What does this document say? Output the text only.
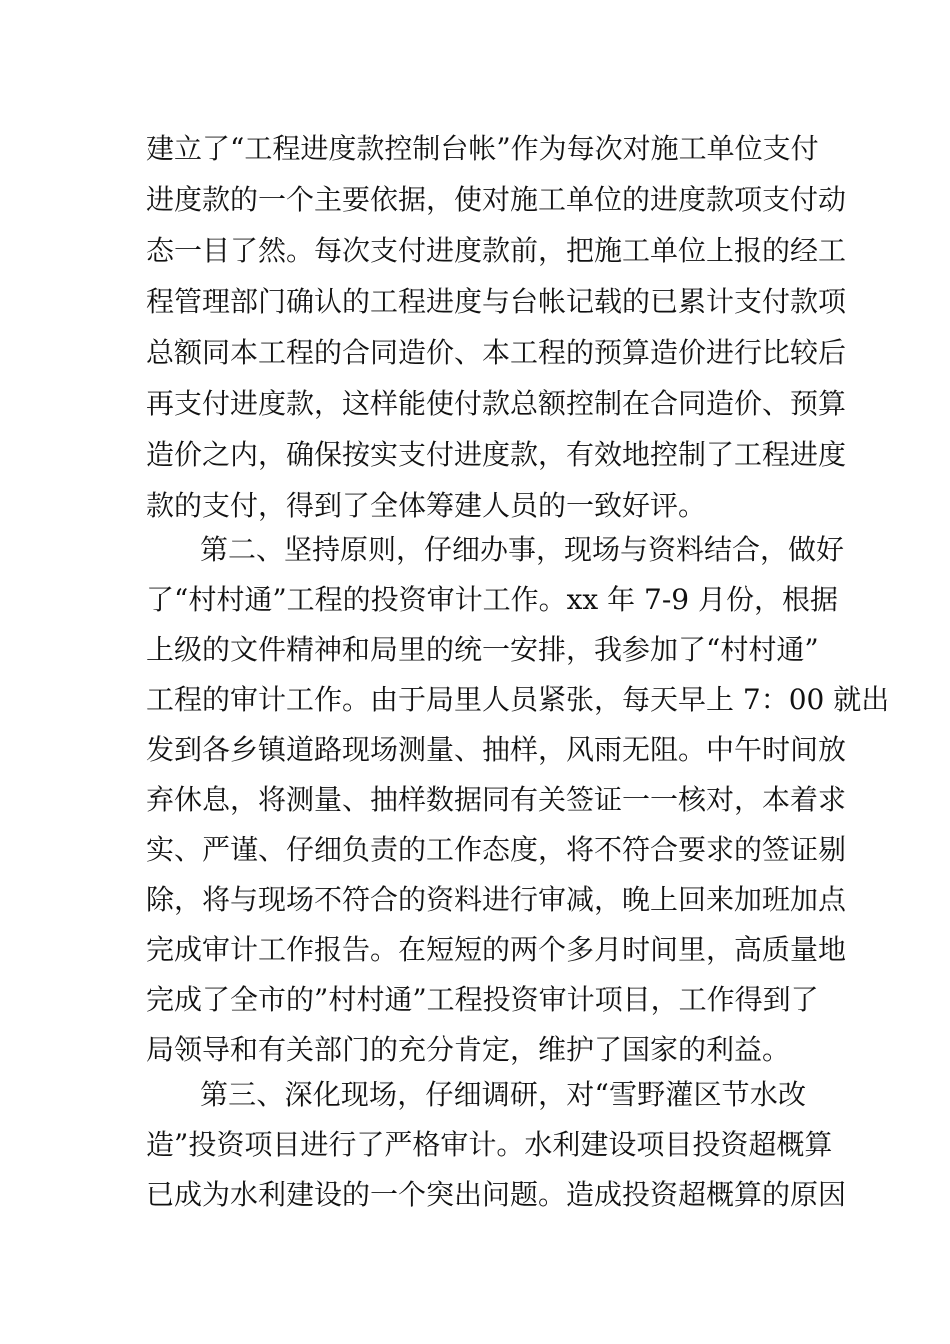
建立了“工程进度款控制台帐”作为每次对施工单位支付
进度款的一个主要依据，使对施工单位的进度款项支付动
态一目了然。每次支付进度款前，把施工单位上报的经工
程管理部门确认的工程进度与台帐记载的已累计支付款项
总额同本工程的合同造价、本工程的预算造价进行比较后
再支付进度款，这样能使付款总额控制在合同造价、预算
造价之内，确保按实支付进度款，有效地控制了工程进度
款的支付，得到了全体筹建人员的一致好评。
第二、坚持原则，仔细办事，现场与资料结合，做好
了“村村通”工程的投资审计工作。xx 年 7-9 月份，根据
上级的文件精神和局里的统一安排，我参加了“村村通”
工程的审计工作。由于局里人员紧张，每天早上 7：00 就出
发到各乡镇道路现场测量、抽样，风雨无阻。中午时间放
弃休息，将测量、抽样数据同有关签证一一核对，本着求
实、严谨、仔细负责的工作态度，将不符合要求的签证剔
除，将与现场不符合的资料进行审减，晚上回来加班加点
完成审计工作报告。在短短的两个多月时间里，高质量地
完成了全市的”村村通”工程投资审计项目，工作得到了
局领导和有关部门的充分肯定，维护了国家的利益。
第三、深化现场，仔细调研，对“雪野灌区节水改
造”投资项目进行了严格审计。水利建设项目投资超概算
已成为水利建设的一个突出问题。造成投资超概算的原因
